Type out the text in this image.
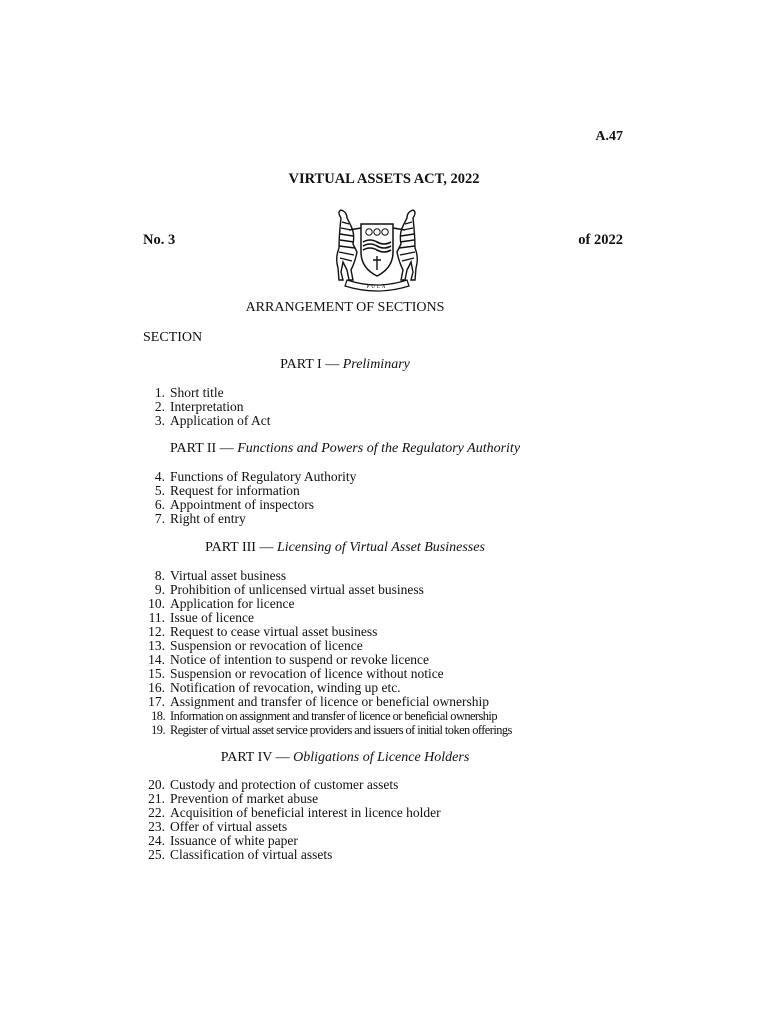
A.47
VIRTUAL ASSETS ACT, 2022
No. 3	of 2022
PULA
ARRANGEMENT OF SECTIONS
SECTION
PART I — Preliminary
1. Short title
2. Interpretation
3. Application of Act
PART II — Functions and Powers of the Regulatory Authority
4. Functions of Regulatory Authority
5. Request for information
6. Appointment of inspectors
7. Right of entry
PART III — Licensing of Virtual Asset Businesses
8. Virtual asset business
9. Prohibition of unlicensed virtual asset business
10. Application for licence
11. Issue of licence
12. Request to cease virtual asset business
13. Suspension or revocation of licence
14. Notice of intention to suspend or revoke licence
15. Suspension or revocation of licence without notice
16. Notification of revocation, winding up etc.
17. Assignment and transfer of licence or beneficial ownership
18. Information on assignment and transfer of licence or beneficial ownership
19. Register of virtual asset service providers and issuers of initial token offerings
PART IV — Obligations of Licence Holders
20. Custody and protection of customer assets
21. Prevention of market abuse
22. Acquisition of beneficial interest in licence holder
23. Offer of virtual assets
24. Issuance of white paper
25. Classification of virtual assets
